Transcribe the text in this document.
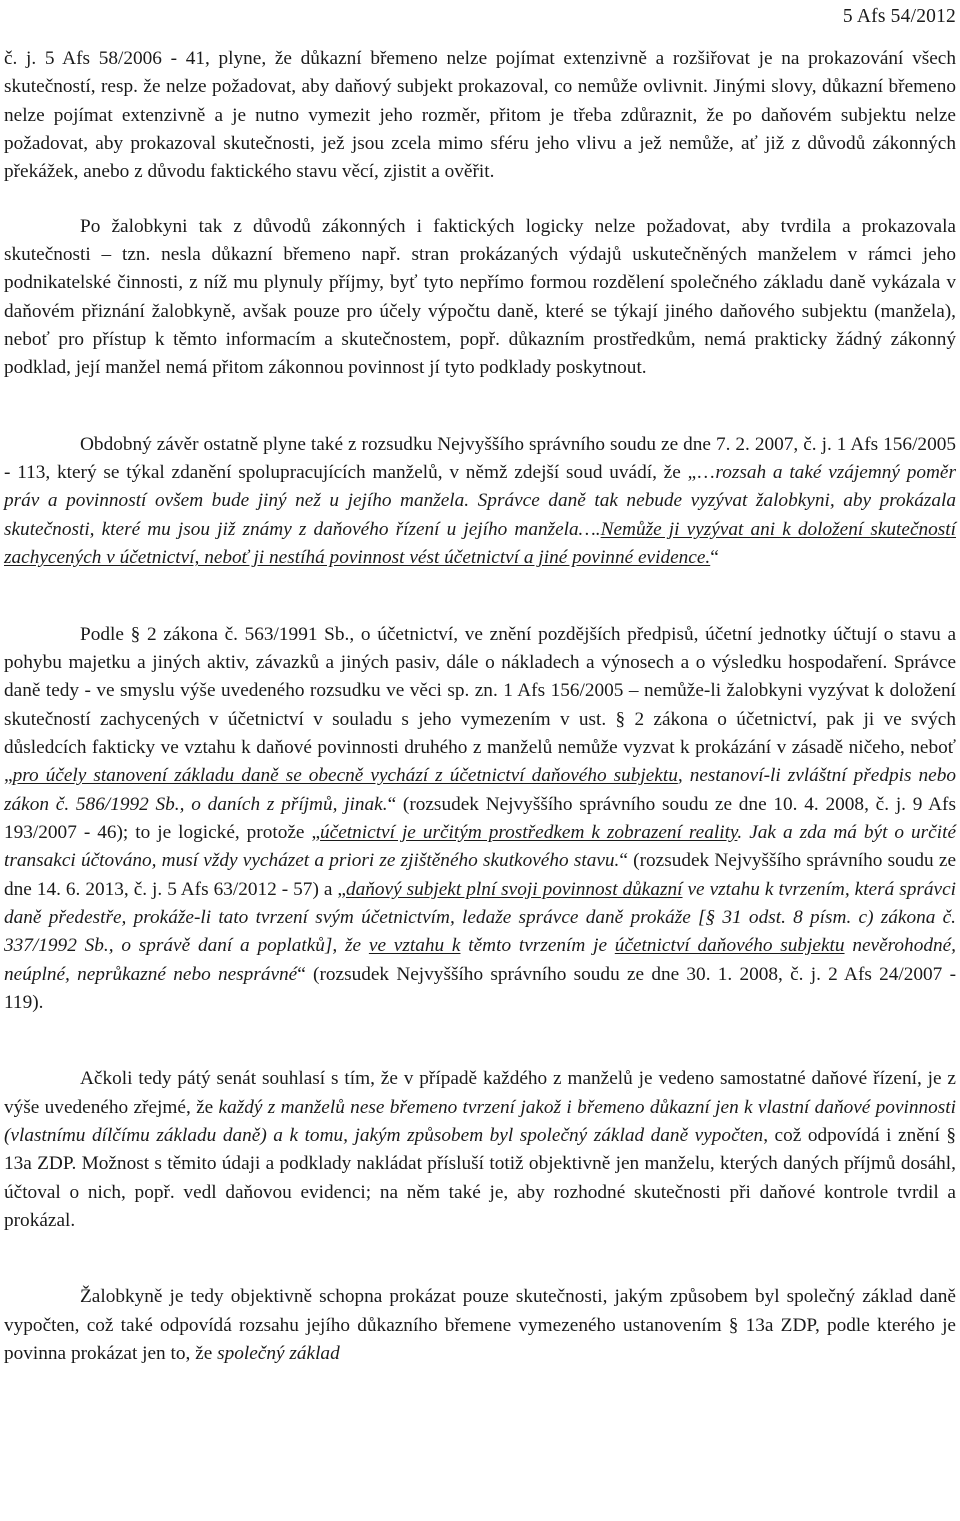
5 Afs 54/2012

č. j. 5 Afs 58/2006 - 41, plyne, že důkazní břemeno nelze pojímat extenzivně a rozšiřovat je na prokazování všech skutečností, resp. že nelze požadovat, aby daňový subjekt prokazoval, co nemůže ovlivnit. Jinými slovy, důkazní břemeno nelze pojímat extenzivně a je nutno vymezit jeho rozměr, přitom je třeba zdůraznit, že po daňovém subjektu nelze požadovat, aby prokazoval skutečnosti, jež jsou zcela mimo sféru jeho vlivu a jež nemůže, ať již z důvodů zákonných překážek, anebo z důvodu faktického stavu věcí, zjistit a ověřit.

Po žalobkyni tak z důvodů zákonných i faktických logicky nelze požadovat, aby tvrdila a prokazovala skutečnosti – tzn. nesla důkazní břemeno např. stran prokázaných výdajů uskutečněných manželem v rámci jeho podnikatelské činnosti, z níž mu plynuly příjmy, byť tyto nepřímo formou rozdělení společného základu daně vykázala v daňovém přiznání žalobkyně, avšak pouze pro účely výpočtu daně, které se týkají jiného daňového subjektu (manžela), neboť pro přístup k těmto informacím a skutečnostem, popř. důkazním prostředkům, nemá prakticky žádný zákonný podklad, její manžel nemá přitom zákonnou povinnost jí tyto podklady poskytnout.

Obdobný závěr ostatně plyne také z rozsudku Nejvyššího správního soudu ze dne 7. 2. 2007, č. j. 1 Afs 156/2005 - 113, který se týkal zdanění spolupracujících manželů, v němž zdejší soud uvádí, že „…rozsah a také vzájemný poměr práv a povinností ovšem bude jiný než u jejího manžela. Správce daně tak nebude vyzývat žalobkyni, aby prokázala skutečnosti, které mu jsou již známy z daňového řízení u jejího manžela….Nemůže ji vyzývat ani k doložení skutečností zachycených v účetnictví, neboť ji nestíhá povinnost vést účetnictví a jiné povinné evidence.“

Podle § 2 zákona č. 563/1991 Sb., o účetnictví, ve znění pozdějších předpisů, účetní jednotky účtují o stavu a pohybu majetku a jiných aktiv, závazků a jiných pasiv, dále o nákladech a výnosech a o výsledku hospodaření. Správce daně tedy - ve smyslu výše uvedeného rozsudku ve věci sp. zn. 1 Afs 156/2005 – nemůže-li žalobkyni vyzývat k doložení skutečností zachycených v účetnictví v souladu s jeho vymezením v ust. § 2 zákona o účetnictví, pak ji ve svých důsledcích fakticky ve vztahu k daňové povinnosti druhého z manželů nemůže vyzvat k prokázání v zásadě ničeho, neboť „pro účely stanovení základu daně se obecně vychází z účetnictví daňového subjektu, nestanoví-li zvláštní předpis nebo zákon č. 586/1992 Sb., o daních z příjmů, jinak.“ (rozsudek Nejvyššího správního soudu ze dne 10. 4. 2008, č. j. 9 Afs 193/2007 - 46); to je logické, protože „účetnictví je určitým prostředkem k zobrazení reality. Jak a zda má být o určité transakci účtováno, musí vždy vycházet a priori ze zjištěného skutkového stavu.“ (rozsudek Nejvyššího správního soudu ze dne 14. 6. 2013, č. j. 5 Afs 63/2012 - 57) a „daňový subjekt plní svoji povinnost důkazní ve vztahu k tvrzením, která správci daně předestře, prokáže-li tato tvrzení svým účetnictvím, ledaže správce daně prokáže [§ 31 odst. 8 písm. c) zákona č. 337/1992 Sb., o správě daní a poplatků], že ve vztahu k těmto tvrzením je účetnictví daňového subjektu nevěrohodné, neúplné, neprůkazné nebo nesprávné“ (rozsudek Nejvyššího správního soudu ze dne 30. 1. 2008, č. j. 2 Afs 24/2007 - 119).

Ačkoli tedy pátý senát souhlasí s tím, že v případě každého z manželů je vedeno samostatné daňové řízení, je z výše uvedeného zřejmé, že každý z manželů nese břemeno tvrzení jakož i břemeno důkazní jen k vlastní daňové povinnosti (vlastnímu dílčímu základu daně) a k tomu, jakým způsobem byl společný základ daně vypočten, což odpovídá i znění § 13a ZDP. Možnost s těmito údaji a podklady nakládat přísluší totiž objektivně jen manželu, kterých daných příjmů dosáhl, účtoval o nich, popř. vedl daňovou evidenci; na něm také je, aby rozhodné skutečnosti při daňové kontrole tvrdil a prokázal.

Žalobkyně je tedy objektivně schopna prokázat pouze skutečnosti, jakým způsobem byl společný základ daně vypočten, což také odpovídá rozsahu jejího důkazního břemene vymezeného ustanovením § 13a ZDP, podle kterého je povinna prokázat jen to, že společný základ
